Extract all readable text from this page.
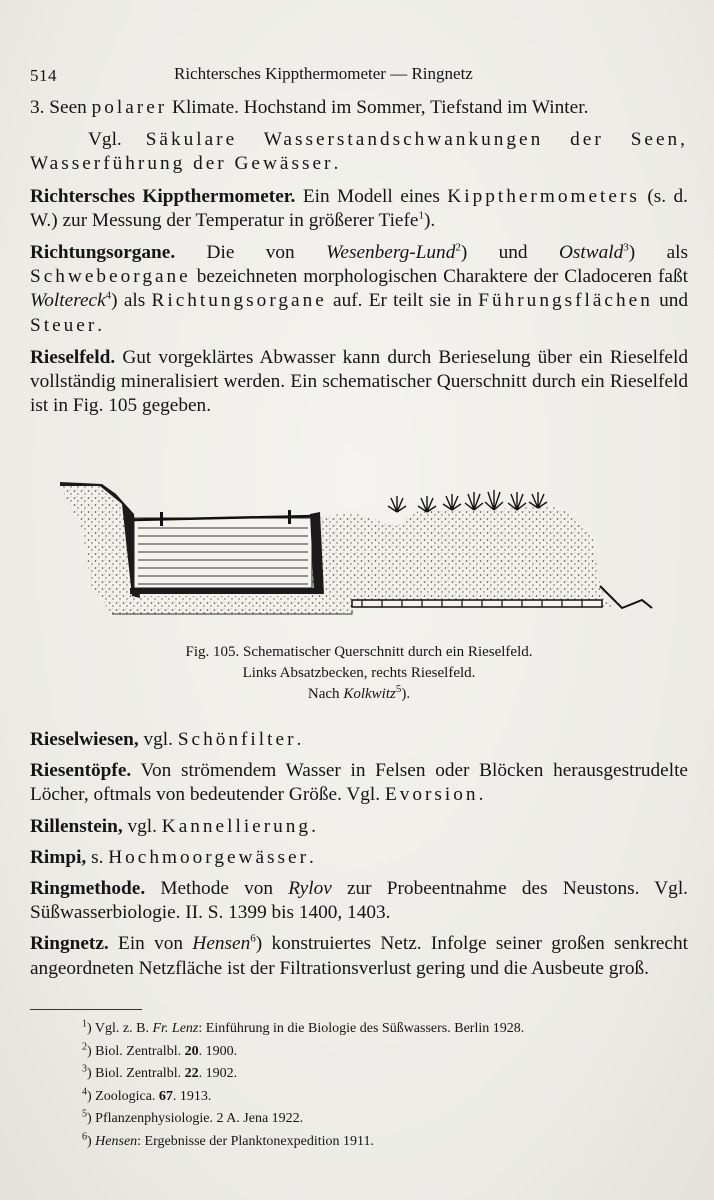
514	Richtersches Kippthermometer — Ringnetz

3. Seen polarer Klimate. Hochstand im Sommer, Tiefstand im Winter.

Vgl. Säkulare Wasserstandschwankungen der Seen, Wasserführung der Gewässer.

Richtersches Kippthermometer. Ein Modell eines Kippthermometers (s. d. W.) zur Messung der Temperatur in größerer Tiefe$^1$).

Richtungsorgane. Die von Wesenberg-Lund$^2$) und Ostwald$^3$) als Schwebeorgane bezeichneten morphologischen Charaktere der Cladoceren faßt Woltereck$^4$) als Richtungsorgane auf. Er teilt sie in Führungsflächen und Steuer.

Rieselfeld. Gut vorgeklärtes Abwasser kann durch Berieselung über ein Rieselfeld vollständig mineralisiert werden. Ein schematischer Querschnitt durch ein Rieselfeld ist in Fig. 105 gegeben.

Fig. 105. Schematischer Querschnitt durch ein Rieselfeld.
Links Absatzbecken, rechts Rieselfeld.
Nach Kolkwitz$^5$).

Rieselwiesen, vgl. Schönfilter.

Riesentöpfe. Von strömendem Wasser in Felsen oder Blöcken herausgestrudelte Löcher, oftmals von bedeutender Größe. Vgl. Evorsion.

Rillenstein, vgl. Kannellierung.

Rimpi, s. Hochmoorgewässer.

Ringmethode. Methode von Rylov zur Probeentnahme des Neustons. Vgl. Süßwasserbiologie. II. S. 1399 bis 1400, 1403.

Ringnetz. Ein von Hensen$^6$) konstruiertes Netz. Infolge seiner großen senkrecht angeordneten Netzfläche ist der Filtrationsverlust gering und die Ausbeute groß.

$^1$) Vgl. z. B. Fr. Lenz: Einführung in die Biologie des Süßwassers. Berlin 1928.
$^2$) Biol. Zentralbl. 20. 1900.
$^3$) Biol. Zentralbl. 22. 1902.
$^4$) Zoologica. 67. 1913.
$^5$) Pflanzenphysiologie. 2 A. Jena 1922.
$^6$) Hensen: Ergebnisse der Planktonexpedition 1911.
